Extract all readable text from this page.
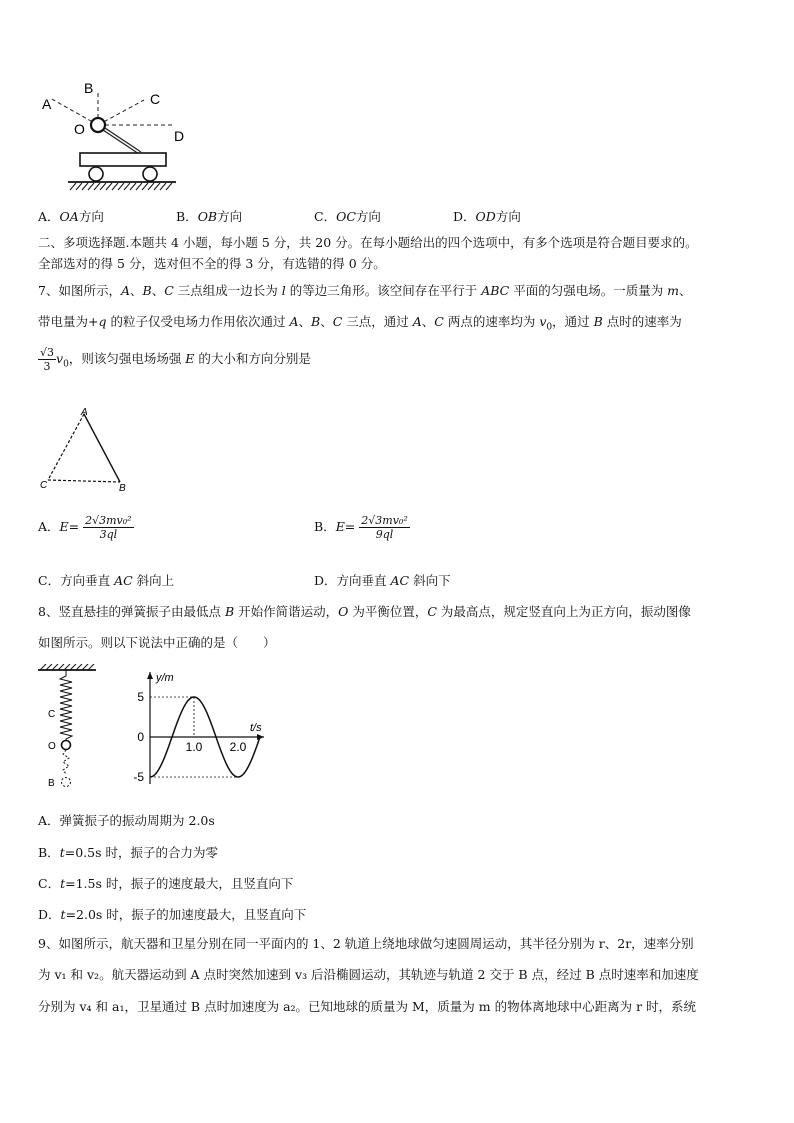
A
B
C
O	D
A．OA方向	B．OB方向	C．OC方向	D．OD方向
二、多项选择题.本题共 4 小题，每小题 5 分，共 20 分。在每小题给出的四个选项中，有多个选项是符合题目要求的。
全部选对的得 5 分，选对但不全的得 3 分，有选错的得 0 分。
7、如图所示，A、B、C 三点组成一边长为 l 的等边三角形。该空间存在平行于 ABC 平面的匀强电场。一质量为 m、
带电量为+q 的粒子仅受电场力作用依次通过 A、B、C 三点，通过 A、C 两点的速率均为 $v_0$，通过 B 点时的速率为
$\frac{√3}{3} v_0$，则该匀强电场场强 E 的大小和方向分别是
A
C	B
A．$E= \frac{\text{2√3mv₀²}}{3ql}$	B．$E= \frac{\text{2√3mv₀²}}{9ql}$
C．方向垂直 AC 斜向上	D．方向垂直 AC 斜向下
8、竖直悬挂的弹簧振子由最低点 B 开始作简谐运动，O 为平衡位置，C 为最高点，规定竖直向上为正方向，振动图像
如图所示。则以下说法中正确的是（　　）
C
O
B
5
0
-5
1.0 2.0
y/m
t/s
A．弹簧振子的振动周期为 2.0s
B．t=0.5s 时，振子的合力为零
C．t=1.5s 时，振子的速度最大，且竖直向下
D．t=2.0s 时，振子的加速度最大，且竖直向下
9、如图所示，航天器和卫星分别在同一平面内的 1、2 轨道上绕地球做匀速圆周运动，其半径分别为 r、2r，速率分别
为 v₁ 和 v₂。航天器运动到 A 点时突然加速到 v₃ 后沿椭圆运动，其轨迹与轨道 2 交于 B 点，经过 B 点时速率和加速度
分别为 v₄ 和 a₁，卫星通过 B 点时加速度为 a₂。已知地球的质量为 M，质量为 m 的物体离地球中心距离为 r 时，系统
